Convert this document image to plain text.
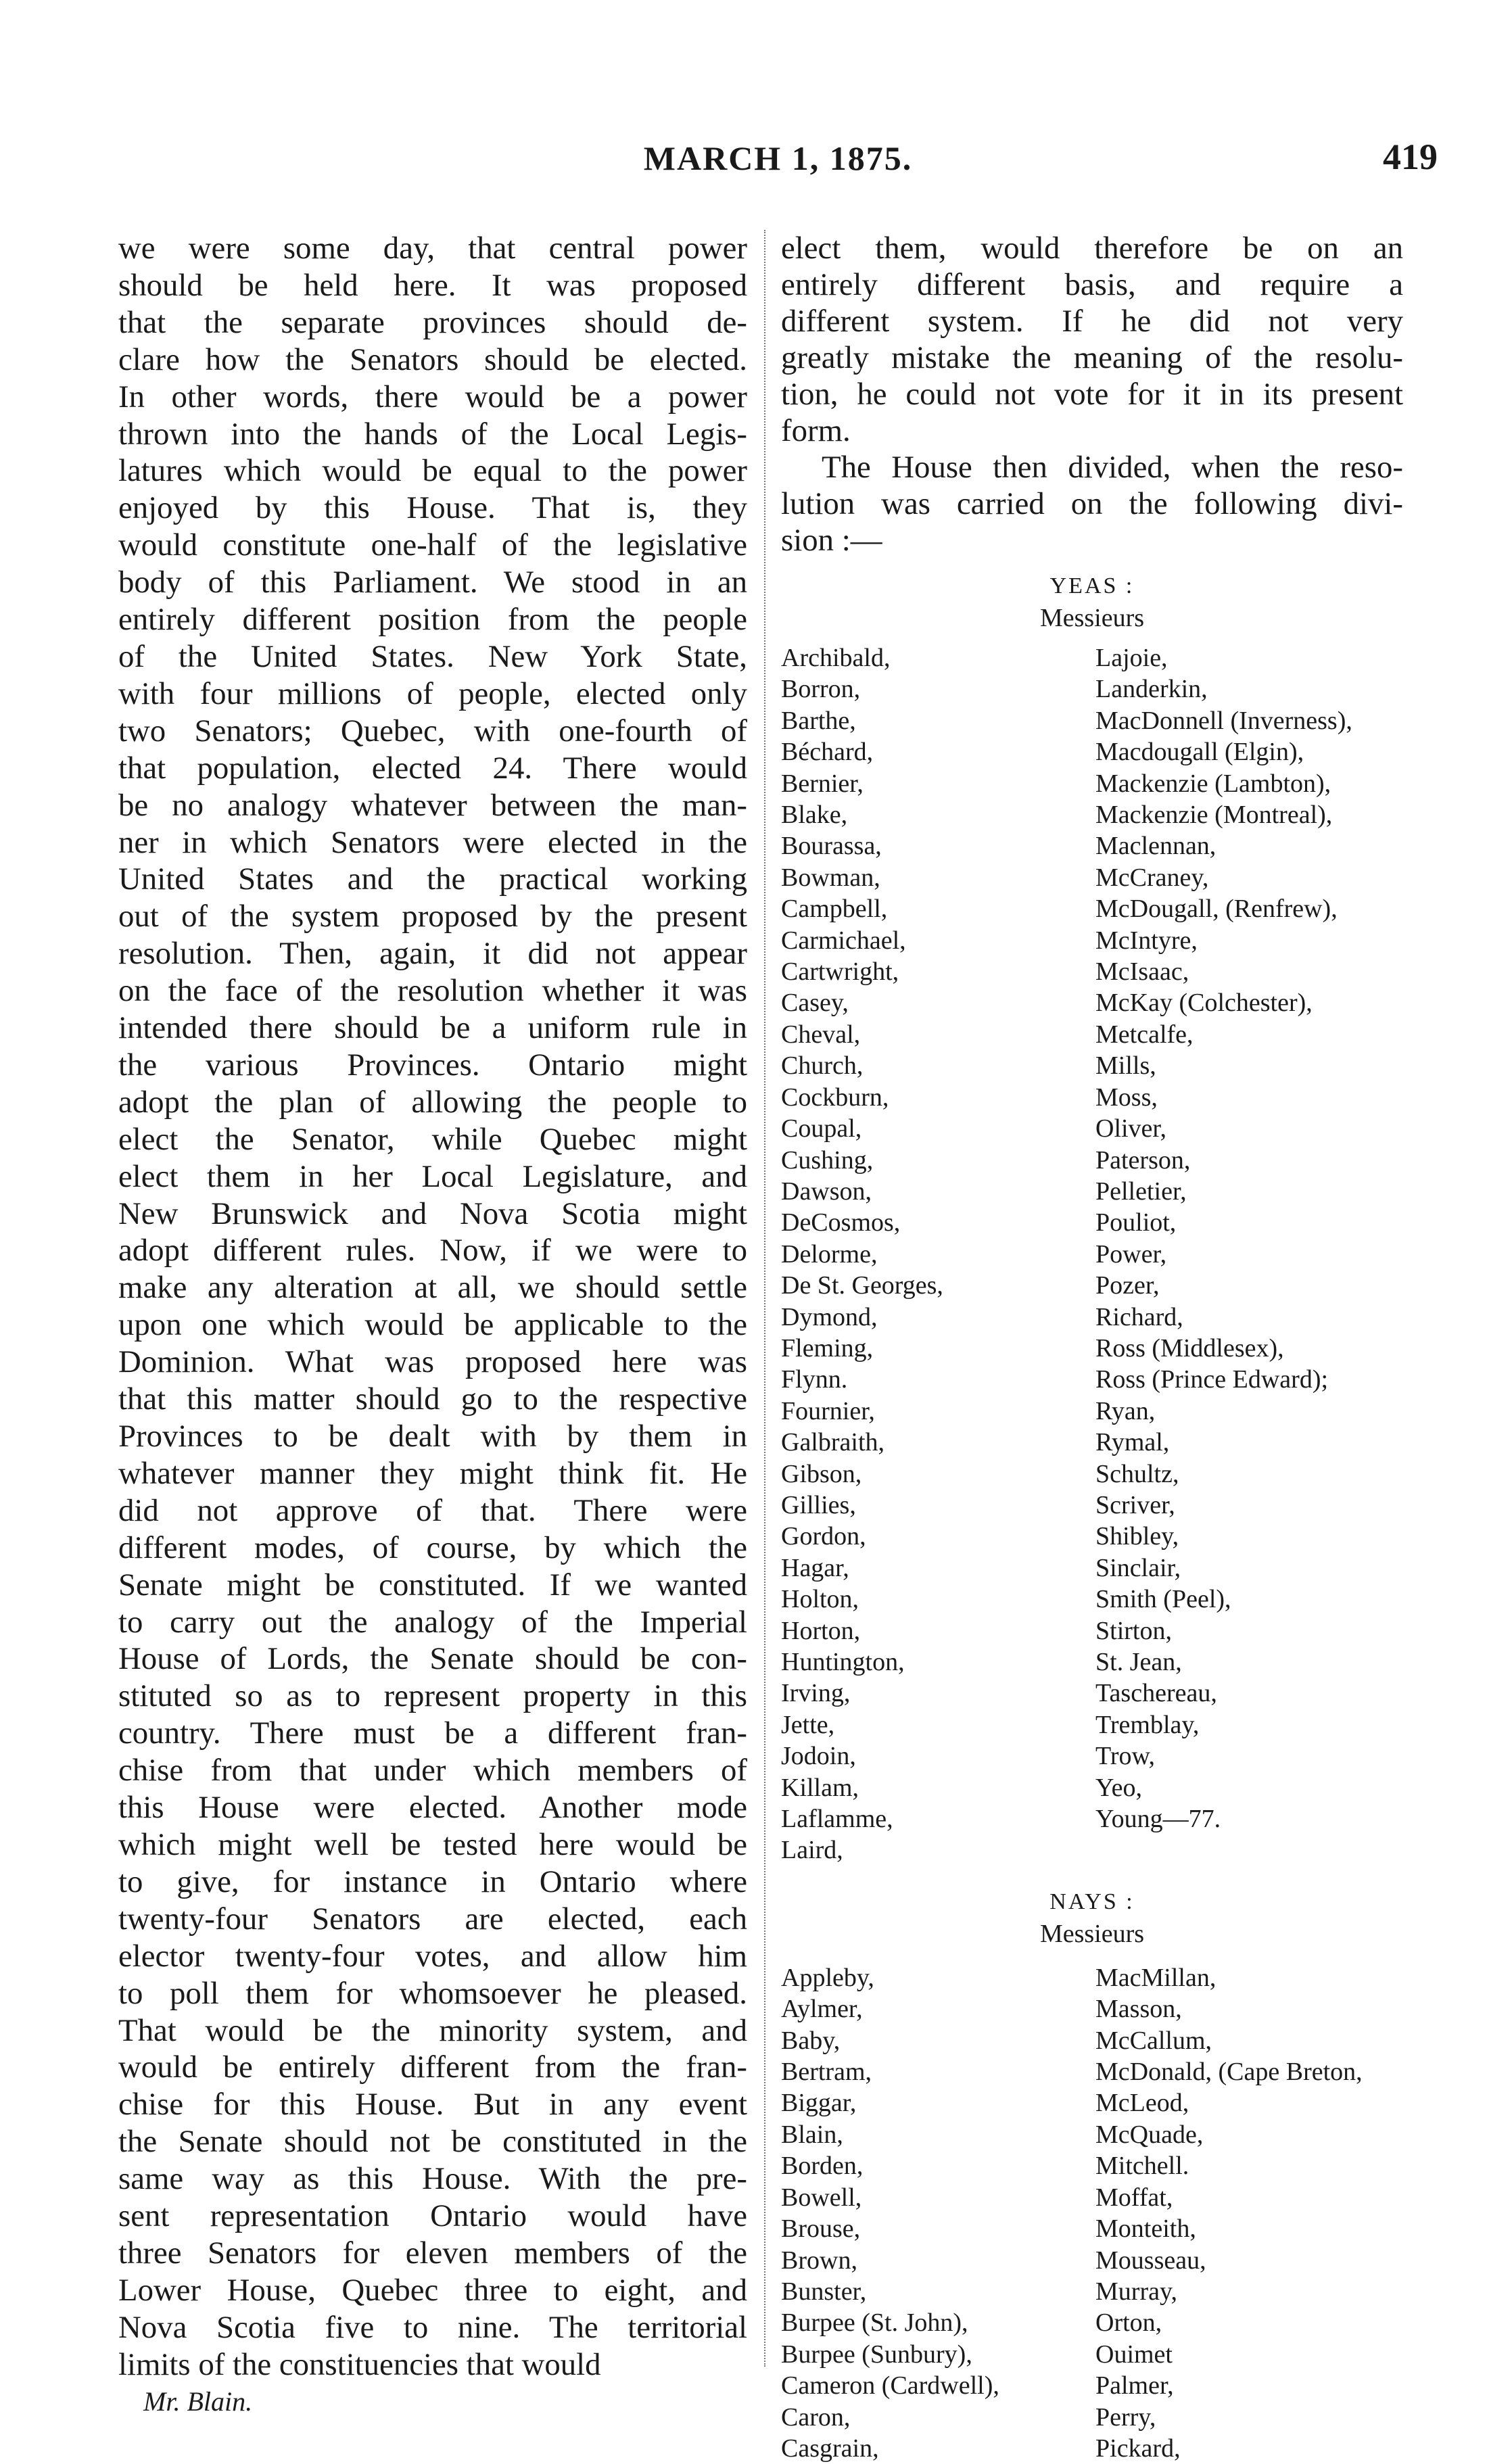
MARCH 1, 1875.	419

we were some day, that central power

should be held here. It was proposed

that the separate provinces should de-

clare how the Senators should be elected.

In other words, there would be a power

thrown into the hands of the Local Legis-

latures which would be equal to the power

enjoyed by this House. That is, they

would constitute one-half of the legislative

body of this Parliament. We stood in an

entirely different position from the people

of the United States. New York State,

with four millions of people, elected only

two Senators; Quebec, with one-fourth of

that population, elected 24. There would

be no analogy whatever between the man-

ner in which Senators were elected in the

United States and the practical working

out of the system proposed by the present

resolution. Then, again, it did not appear

on the face of the resolution whether it was

intended there should be a uniform rule in

the various Provinces. Ontario might

adopt the plan of allowing the people to

elect the Senator, while Quebec might

elect them in her Local Legislature, and

New Brunswick and Nova Scotia might

adopt different rules. Now, if we were to

make any alteration at all, we should settle

upon one which would be applicable to the

Dominion. What was proposed here was

that this matter should go to the respective

Provinces to be dealt with by them in

whatever manner they might think fit. He

did not approve of that. There were

different modes, of course, by which the

Senate might be constituted. If we wanted

to carry out the analogy of the Imperial

House of Lords, the Senate should be con-

stituted so as to represent property in this

country. There must be a different fran-

chise from that under which members of

this House were elected. Another mode

which might well be tested here would be

to give, for instance in Ontario where

twenty-four Senators are elected, each

elector twenty-four votes, and allow him

to poll them for whomsoever he pleased.

That would be the minority system, and

would be entirely different from the fran-

chise for this House. But in any event

the Senate should not be constituted in the

same way as this House. With the pre-

sent representation Ontario would have

three Senators for eleven members of the

Lower House, Quebec three to eight, and

Nova Scotia five to nine. The territorial

limits of the constituencies that would

elect them, would therefore be on an

entirely different basis, and require a

different system. If he did not very

greatly mistake the meaning of the resolu-

tion, he could not vote for it in its present

form.

The House then divided, when the reso-

lution was carried on the following divi-

sion :—

YEAS :

Messieurs

Archibald,
Borron,
Barthe,
Béchard,
Bernier,
Blake,
Bourassa,
Bowman,
Campbell,
Carmichael,
Cartwright,
Casey,
Cheval,
Church,
Cockburn,
Coupal,
Cushing,
Dawson,
DeCosmos,
Delorme,
De St. Georges,
Dymond,
Fleming,
Flynn.
Fournier,
Galbraith,
Gibson,
Gillies,
Gordon,
Hagar,
Holton,
Horton,
Huntington,
Irving,
Jette,
Jodoin,
Killam,
Laflamme,
Laird,
Lajoie,
Landerkin,
MacDonnell (Inverness),
Macdougall (Elgin),
Mackenzie (Lambton),
Mackenzie (Montreal),
Maclennan,
McCraney,
McDougall, (Renfrew),
McIntyre,
McIsaac,
McKay (Colchester),
Metcalfe,
Mills,
Moss,
Oliver,
Paterson,
Pelletier,
Pouliot,
Power,
Pozer,
Richard,
Ross (Middlesex),
Ross (Prince Edward);
Ryan,
Rymal,
Schultz,
Scriver,
Shibley,
Sinclair,
Smith (Peel),
Stirton,
St. Jean,
Taschereau,
Tremblay,
Trow,
Yeo,
Young—77.

NAYS :

Messieurs

Appleby,
Aylmer,
Baby,
Bertram,
Biggar,
Blain,
Borden,
Bowell,
Brouse,
Brown,
Bunster,
Burpee (St. John),
Burpee (Sunbury),
Cameron (Cardwell),
Caron,
Casgrain,
MacMillan,
Masson,
McCallum,
McDonald, (Cape Breton,
McLeod,
McQuade,
Mitchell.
Moffat,
Monteith,
Mousseau,
Murray,
Orton,
Ouimet
Palmer,
Perry,
Pickard,
Mr. Blain.
